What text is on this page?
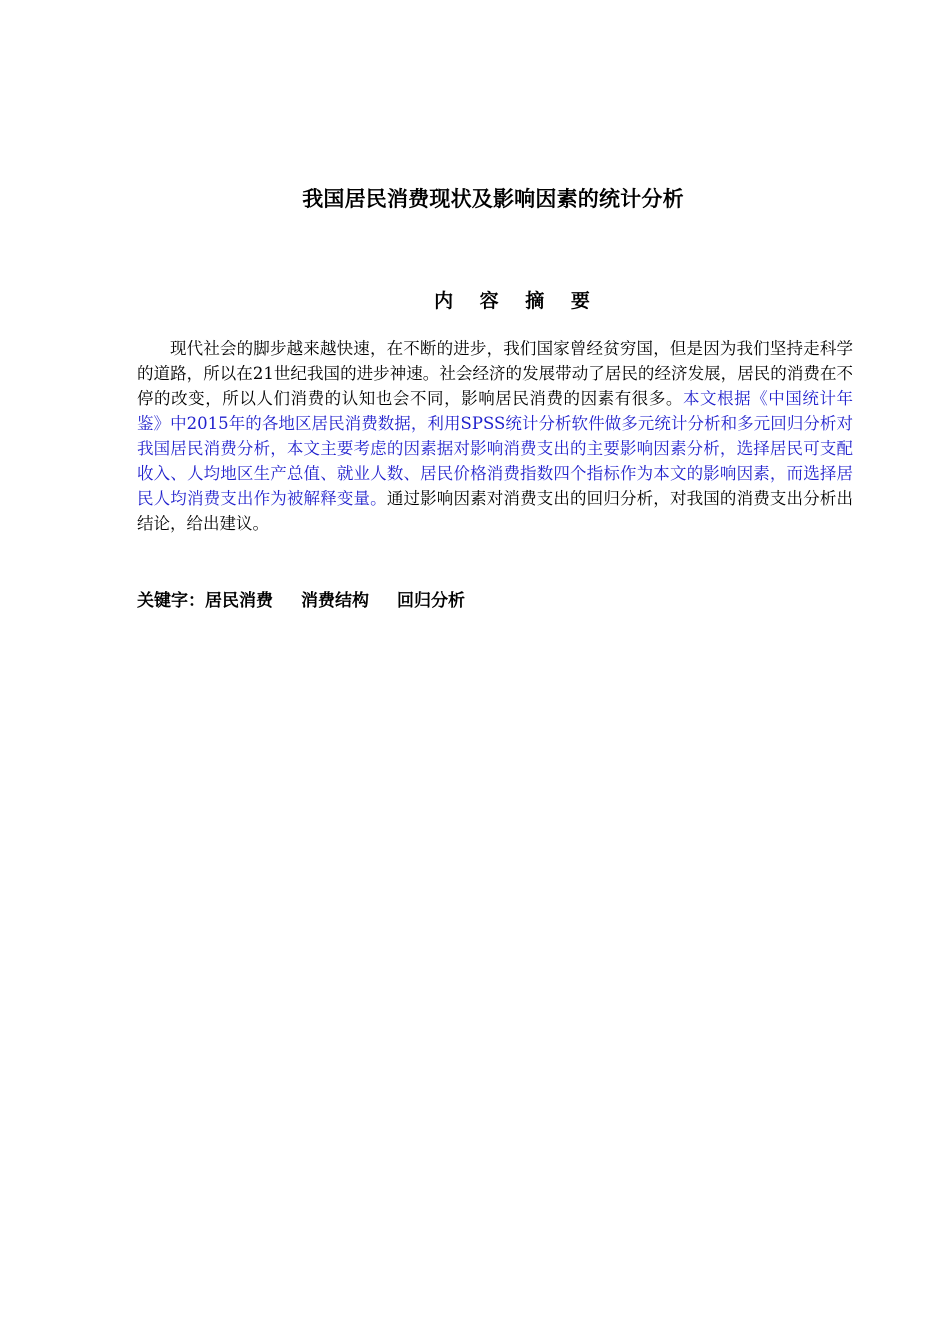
我国居民消费现状及影响因素的统计分析
内 容 摘 要
现代社会的脚步越来越快速，在不断的进步，我们国家曾经贫穷国，但是因为我们坚持走科学的道路，所以在21世纪我国的进步神速。社会经济的发展带动了居民的经济发展，居民的消费在不停的改变，所以人们消费的认知也会不同，影响居民消费的因素有很多。本文根据《中国统计年鉴》中2015年的各地区居民消费数据，利用SPSS统计分析软件做多元统计分析和多元回归分析对我国居民消费分析，本文主要考虑的因素据对影响消费支出的主要影响因素分析，选择居民可支配收入、人均地区生产总值、就业人数、居民价格消费指数四个指标作为本文的影响因素，而选择居民人均消费支出作为被解释变量。通过影响因素对消费支出的回归分析，对我国的消费支出分析出结论，给出建议。
关键字：居民消费 消费结构 回归分析
